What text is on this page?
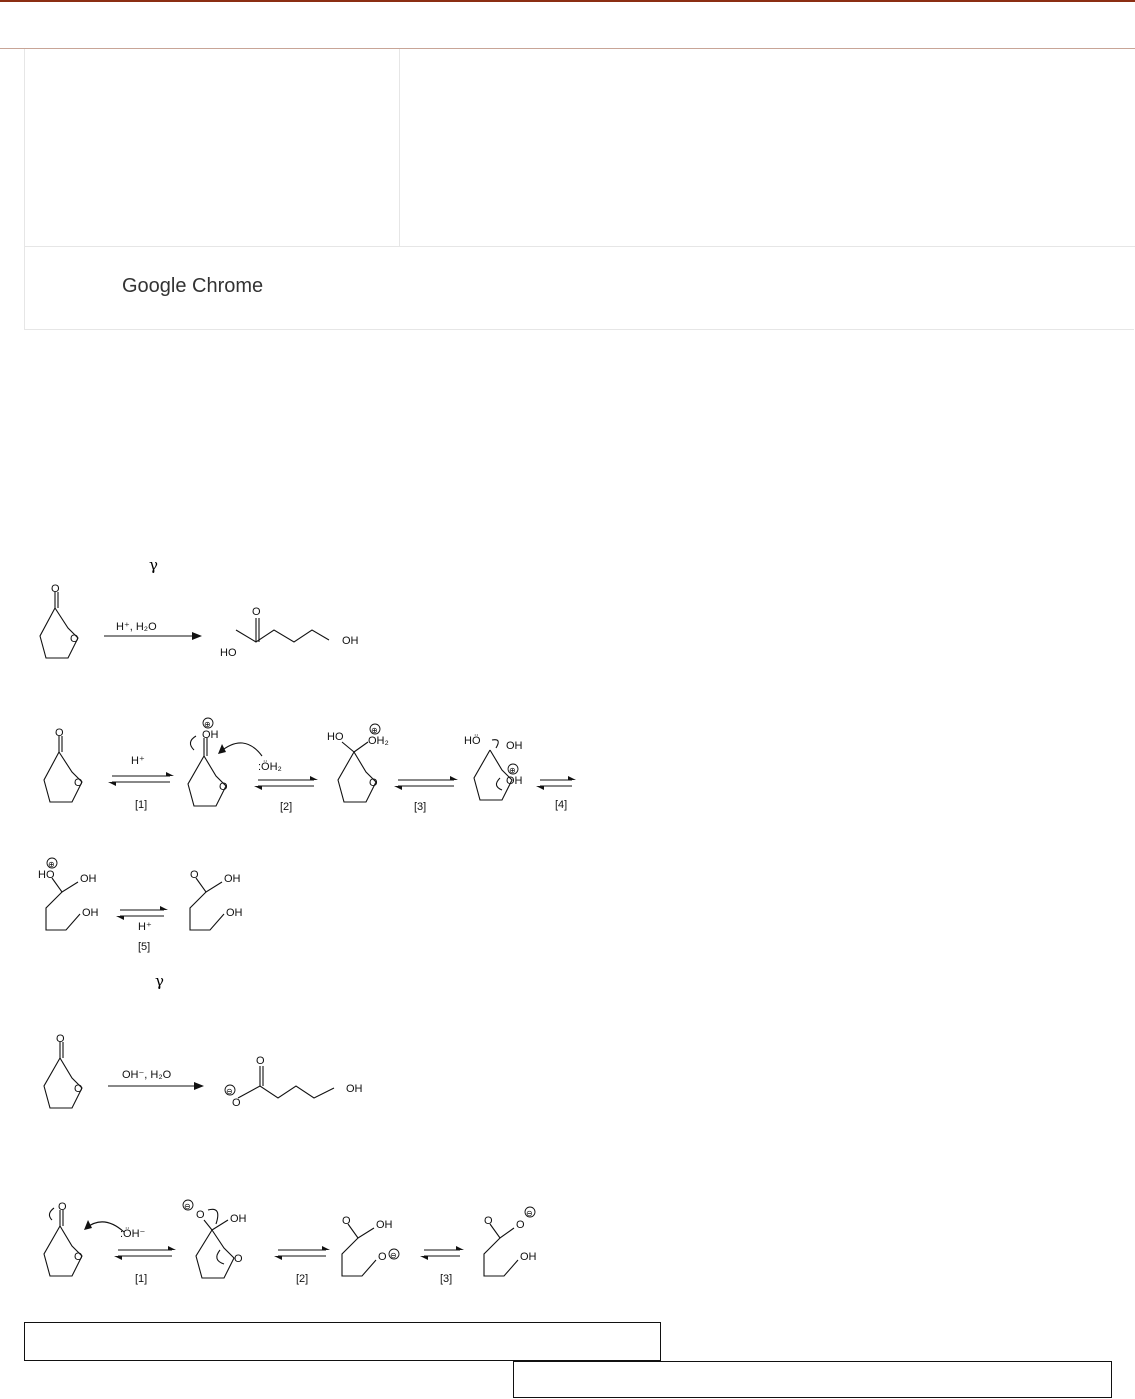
Google Chrome
γ
O
O
H⁺, H₂O
O
HO
OH
O
O
H⁺
[1]
OH
O
⊕
:ÖH₂
[2]
HO OH₂
⊕
O
[3]
HÖ OH
OH
⊕
[4]
⊕
HO OH
OH
H⁺
[5]
O OH
OH
γ
O
O
OH⁻, H₂O
⊖
O
O
OH
O
O
:ÖH⁻
[1]
⊖
O OH
O
[2]
O OH
O ⊖
[3]
O O
⊖
OH
